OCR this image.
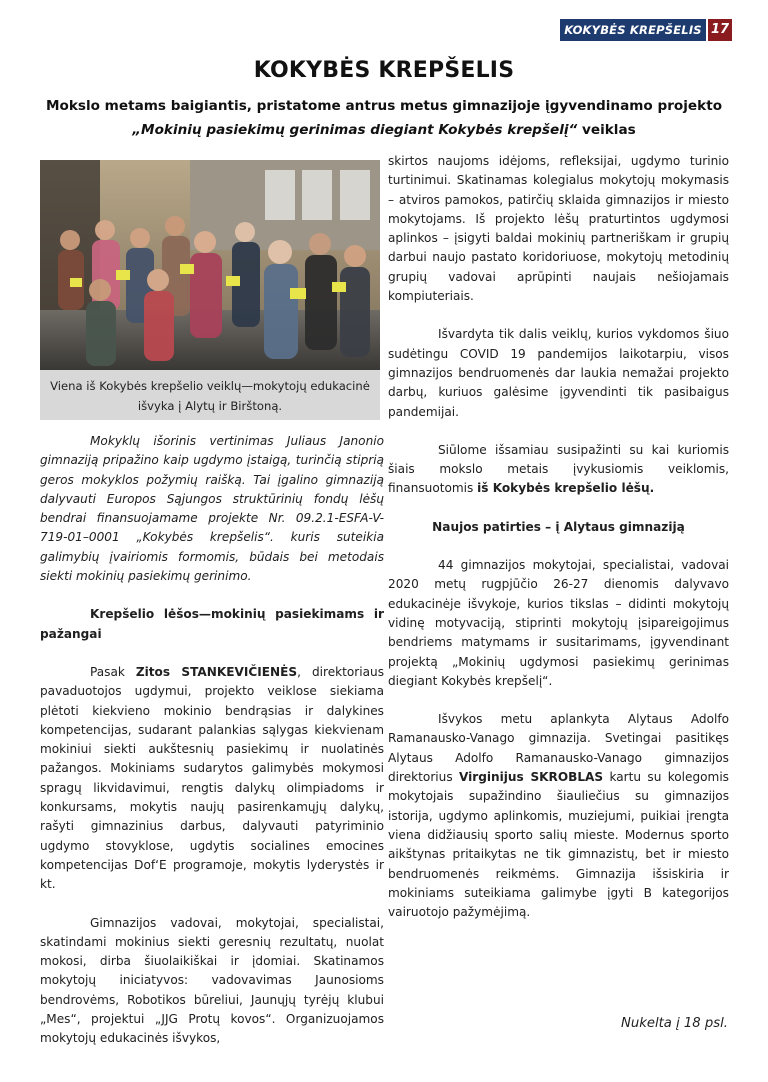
KOKYBĖS KREPŠELIS 17
KOKYBĖS KREPŠELIS
Mokslo metams baigiantis, pristatome antrus metus gimnazijoje įgyvendinamo projekto
„Mokinių pasiekimų gerinimas diegiant Kokybės krepšelį“ veiklas
Viena iš Kokybės krepšelio veiklų—mokytojų edukacinė išvyka į Alytų ir Birštoną.

Mokyklų išorinis vertinimas Juliaus Janonio gimnaziją pripažino kaip ugdymo įstaigą, turinčią stiprią geros mokyklos požymių raišką. Tai įgalino gimnaziją dalyvauti Europos Sąjungos struktūrinių fondų lėšų bendrai finansuojamame projekte Nr. 09.2.1-ESFA-V-719-01–0001 „Kokybės krepšelis“. kuris suteikia galimybių įvairiomis formomis, būdais bei metodais siekti mokinių pasiekimų gerinimo.

Krepšelio lėšos—mokinių pasiekimams ir pažangai

Pasak Zitos STANKEVIČIENĖS, direktoriaus pavaduotojos ugdymui, projekto veiklose siekiama plėtoti kiekvieno mokinio bendrąsias ir dalykines kompetencijas, sudarant palankias sąlygas kiekvienam mokiniui siekti aukštesnių pasiekimų ir nuolatinės pažangos. Mokiniams sudarytos galimybės mokymosi spragų likvidavimui, rengtis dalykų olimpiadoms ir konkursams, mokytis naujų pasirenkamųjų dalykų, rašyti gimnazinius darbus, dalyvauti patyriminio ugdymo stovyklose, ugdytis socialines emocines kompetencijas Dof‘E programoje, mokytis lyderystės ir kt.

Gimnazijos vadovai, mokytojai, specialistai, skatindami mokinius siekti geresnių rezultatų, nuolat mokosi, dirba šiuolaikiškai ir įdomiai. Skatinamos mokytojų iniciatyvos: vadovavimas Jaunosioms bendrovėms, Robotikos būreliui, Jaunųjų tyrėjų klubui „Mes“, projektui „JJG Protų kovos“. Organizuojamos mokytojų edukacinės išvykos,

skirtos naujoms idėjoms, refleksijai, ugdymo turinio turtinimui. Skatinamas kolegialus mokytojų mokymasis – atviros pamokos, patirčių sklaida gimnazijos ir miesto mokytojams. Iš projekto lėšų praturtintos ugdymosi aplinkos – įsigyti baldai mokinių partneriškam ir grupių darbui naujo pastato koridoriuose, mokytojų metodinių grupių vadovai aprūpinti naujais nešiojamais kompiuteriais.

Išvardyta tik dalis veiklų, kurios vykdomos šiuo sudėtingu COVID 19 pandemijos laikotarpiu, visos gimnazijos bendruomenės dar laukia nemažai projekto darbų, kuriuos galėsime įgyvendinti tik pasibaigus pandemijai.

Siūlome išsamiau susipažinti su kai kuriomis šiais mokslo metais įvykusiomis veiklomis, finansuotomis iš Kokybės krepšelio lėšų.

Naujos patirties – į Alytaus gimnaziją

44 gimnazijos mokytojai, specialistai, vadovai 2020 metų rugpjūčio 26-27 dienomis dalyvavo edukacinėje išvykoje, kurios tikslas – didinti mokytojų vidinę motyvaciją, stiprinti mokytojų įsipareigojimus bendriems matymams ir susitarimams, įgyvendinant projektą „Mokinių ugdymosi pasiekimų gerinimas diegiant Kokybės krepšelį“.

Išvykos metu aplankyta Alytaus Adolfo Ramanausko-Vanago gimnazija. Svetingai pasitikęs Alytaus Adolfo Ramanausko-Vanago gimnazijos direktorius Virginijus SKROBLAS kartu su kolegomis mokytojais supažindino šiauliečius su gimnazijos istorija, ugdymo aplinkomis, muziejumi, puikiai įrengta viena didžiausių sporto salių mieste. Modernus sporto aikštynas pritaikytas ne tik gimnazistų, bet ir miesto bendruomenės reikmėms. Gimnazija išsiskiria ir mokiniams suteikiama galimybe įgyti B kategorijos vairuotojo pažymėjimą.

Nukelta į 18 psl.
